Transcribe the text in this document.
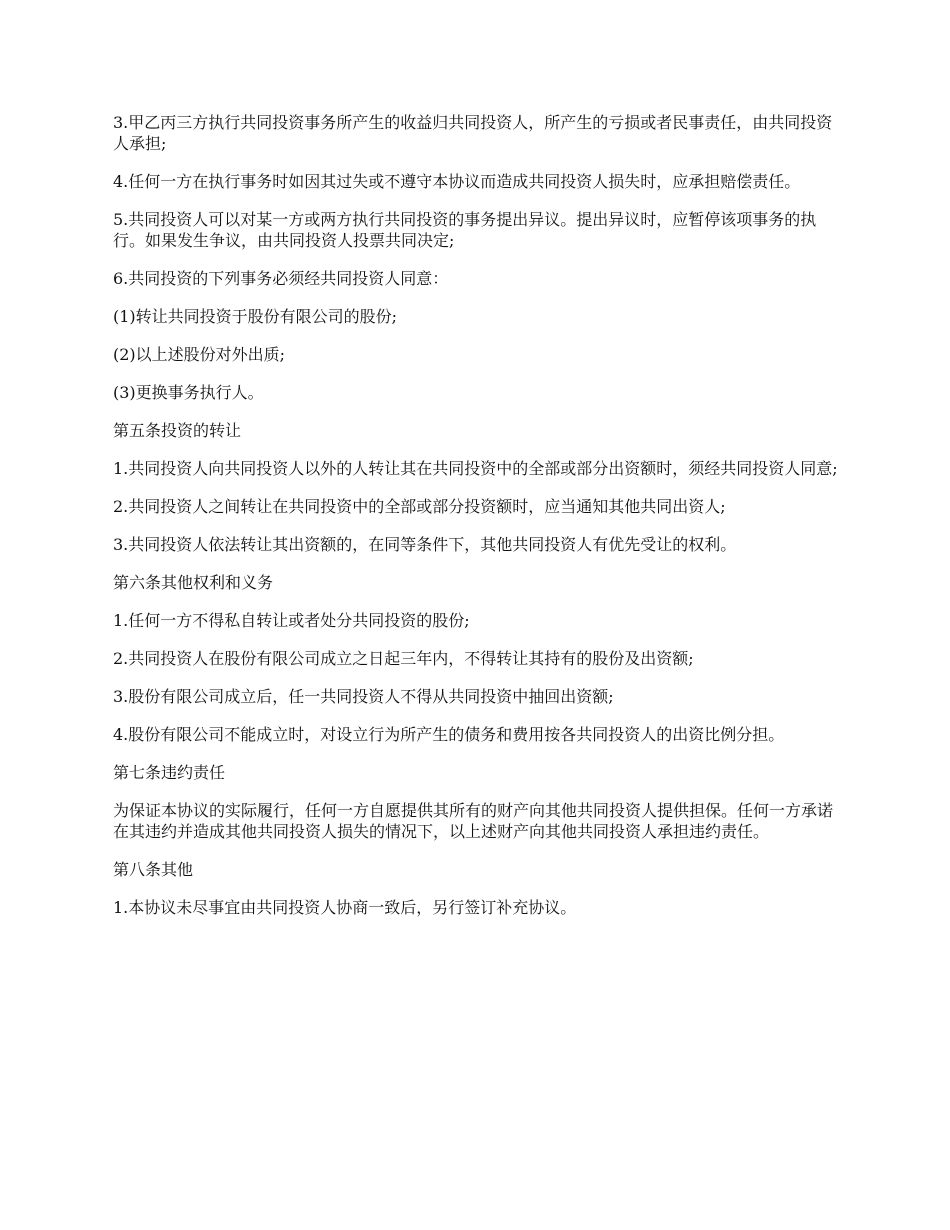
3.甲乙丙三方执行共同投资事务所产生的收益归共同投资人，所产生的亏损或者民事责任，由共同投资人承担;

4.任何一方在执行事务时如因其过失或不遵守本协议而造成共同投资人损失时，应承担赔偿责任。

5.共同投资人可以对某一方或两方执行共同投资的事务提出异议。提出异议时，应暂停该项事务的执行。如果发生争议，由共同投资人投票共同决定;

6.共同投资的下列事务必须经共同投资人同意：

(1)转让共同投资于股份有限公司的股份;

(2)以上述股份对外出质;

(3)更换事务执行人。

第五条投资的转让

1.共同投资人向共同投资人以外的人转让其在共同投资中的全部或部分出资额时，须经共同投资人同意;

2.共同投资人之间转让在共同投资中的全部或部分投资额时，应当通知其他共同出资人;

3.共同投资人依法转让其出资额的，在同等条件下，其他共同投资人有优先受让的权利。

第六条其他权利和义务

1.任何一方不得私自转让或者处分共同投资的股份;

2.共同投资人在股份有限公司成立之日起三年内，不得转让其持有的股份及出资额;

3.股份有限公司成立后，任一共同投资人不得从共同投资中抽回出资额;

4.股份有限公司不能成立时，对设立行为所产生的债务和费用按各共同投资人的出资比例分担。

第七条违约责任

为保证本协议的实际履行，任何一方自愿提供其所有的财产向其他共同投资人提供担保。任何一方承诺在其违约并造成其他共同投资人损失的情况下，以上述财产向其他共同投资人承担违约责任。

第八条其他

1.本协议未尽事宜由共同投资人协商一致后，另行签订补充协议。
